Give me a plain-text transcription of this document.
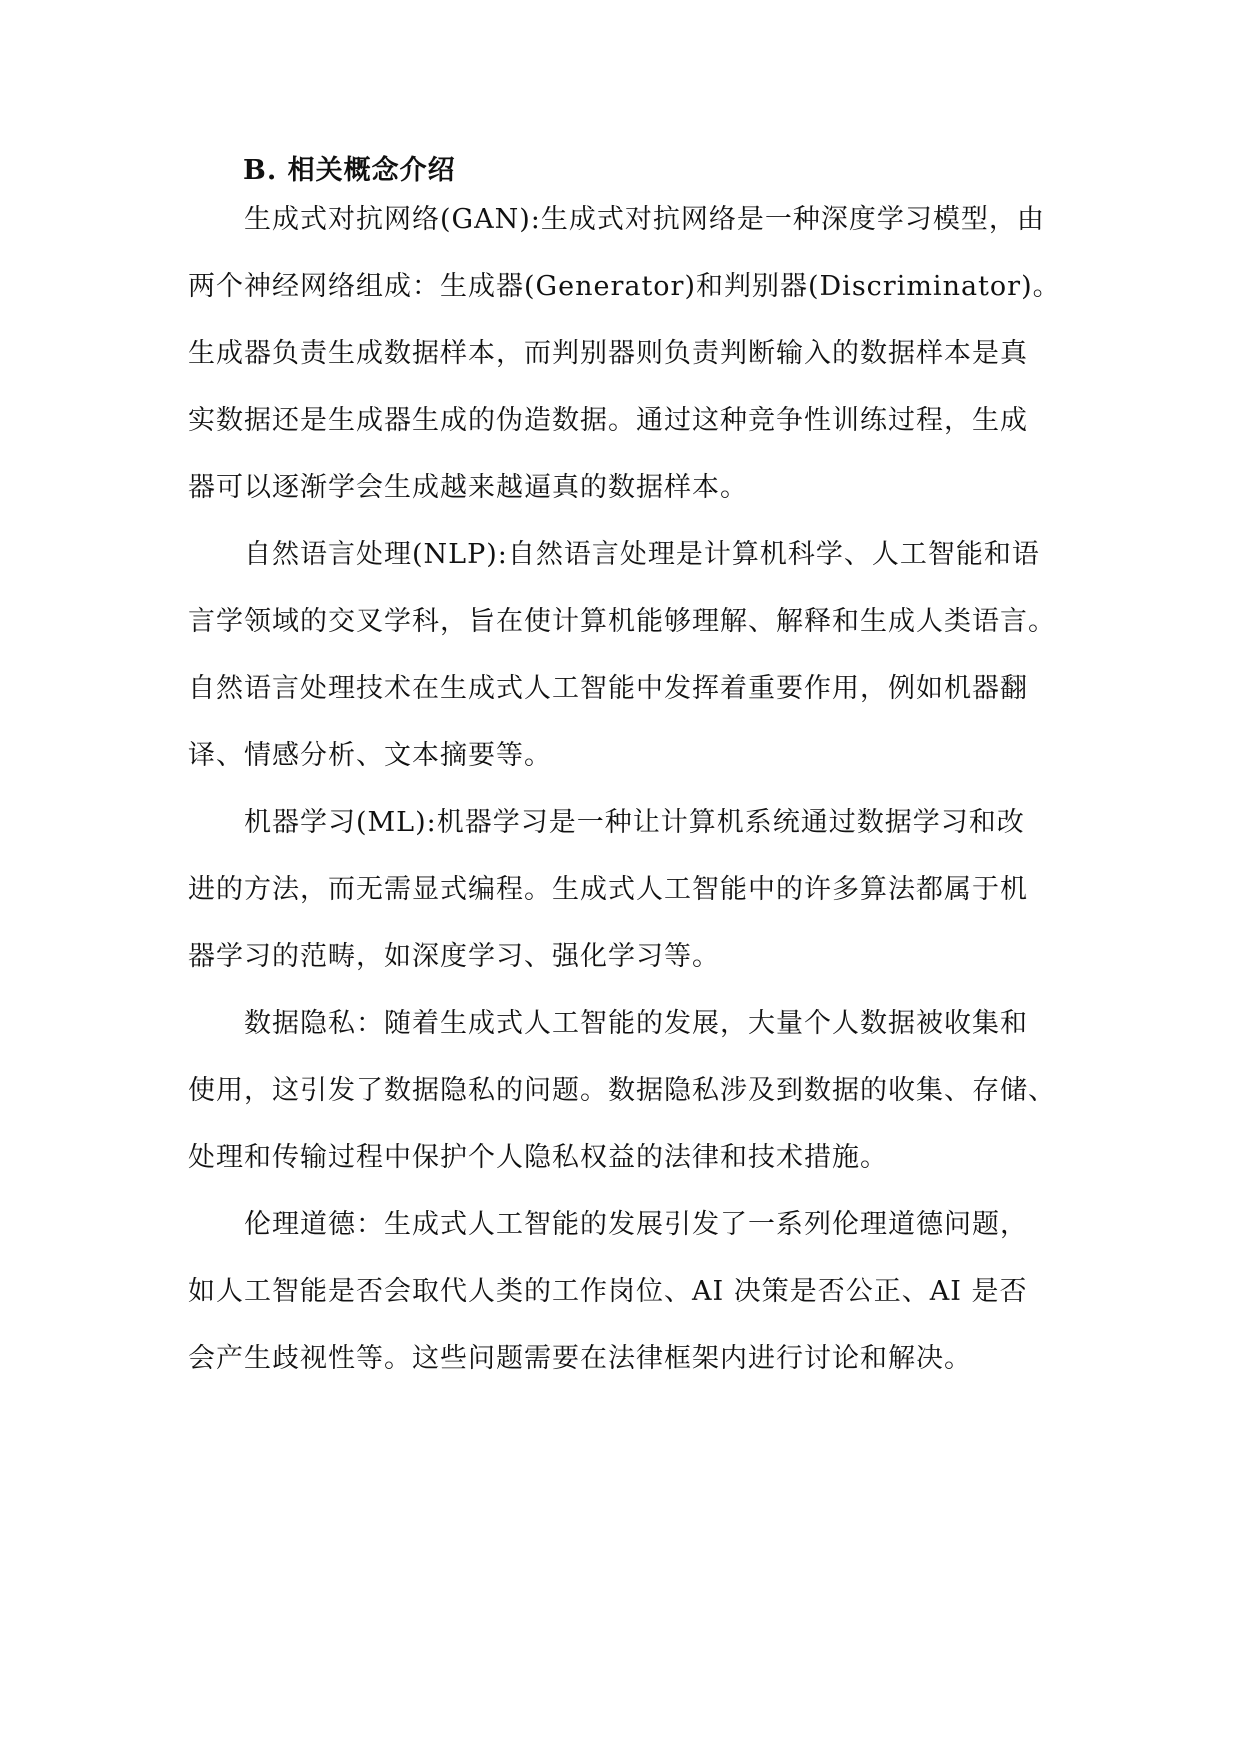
B. 相关概念介绍
生成式对抗网络(GAN):生成式对抗网络是一种深度学习模型，由
两个神经网络组成：生成器(Generator)和判别器(Discriminator)。
生成器负责生成数据样本，而判别器则负责判断输入的数据样本是真
实数据还是生成器生成的伪造数据。通过这种竞争性训练过程，生成
器可以逐渐学会生成越来越逼真的数据样本。
自然语言处理(NLP):自然语言处理是计算机科学、人工智能和语
言学领域的交叉学科，旨在使计算机能够理解、解释和生成人类语言。
自然语言处理技术在生成式人工智能中发挥着重要作用，例如机器翻
译、情感分析、文本摘要等。
机器学习(ML):机器学习是一种让计算机系统通过数据学习和改
进的方法，而无需显式编程。生成式人工智能中的许多算法都属于机
器学习的范畴，如深度学习、强化学习等。
数据隐私：随着生成式人工智能的发展，大量个人数据被收集和
使用，这引发了数据隐私的问题。数据隐私涉及到数据的收集、存储、
处理和传输过程中保护个人隐私权益的法律和技术措施。
伦理道德：生成式人工智能的发展引发了一系列伦理道德问题，
如人工智能是否会取代人类的工作岗位、AI 决策是否公正、AI 是否
会产生歧视性等。这些问题需要在法律框架内进行讨论和解决。
